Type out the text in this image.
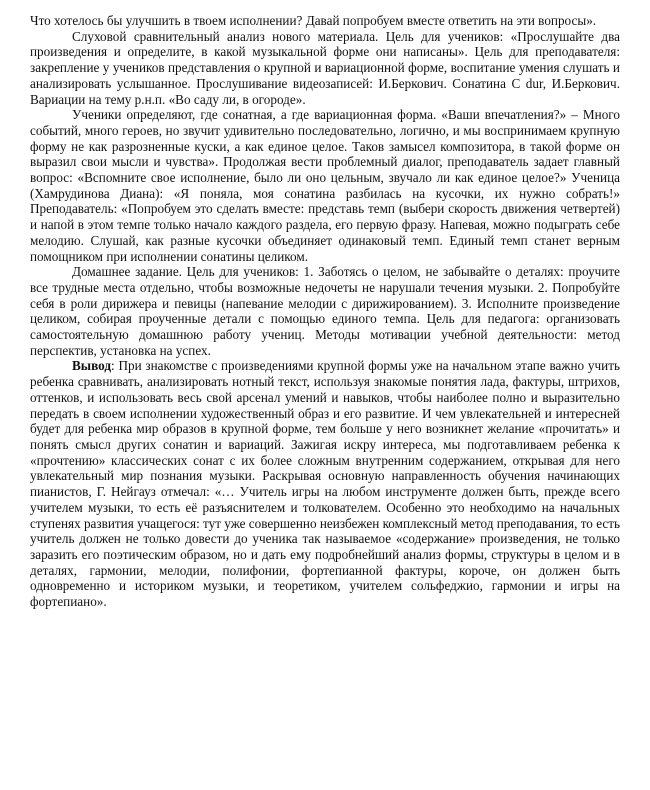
Что хотелось бы улучшить в твоем исполнении? Давай попробуем вместе ответить на эти вопросы».

Слуховой сравнительный анализ нового материала. Цель для учеников: «Прослушайте два произведения и определите, в какой музыкальной форме они написаны». Цель для преподавателя: закрепление у учеников представления о крупной и вариационной форме, воспитание умения слушать и анализировать услышанное. Прослушивание видеозаписей: И.Беркович. Сонатина C dur, И.Беркович. Вариации на тему р.н.п. «Во саду ли, в огороде».

Ученики определяют, где сонатная, а где вариационная форма. «Ваши впечатления?» – Много событий, много героев, но звучит удивительно последовательно, логично, и мы воспринимаем крупную форму не как разрозненные куски, а как единое целое. Таков замысел композитора, в такой форме он выразил свои мысли и чувства». Продолжая вести проблемный диалог, преподаватель задает главный вопрос: «Вспомните свое исполнение, было ли оно цельным, звучало ли как единое целое?» Ученица (Хамрудинова Диана): «Я поняла, моя сонатина разбилась на кусочки, их нужно собрать!» Преподаватель: «Попробуем это сделать вместе: представь темп (выбери скорость движения четвертей) и напой в этом темпе только начало каждого раздела, его первую фразу. Напевая, можно подыграть себе мелодию. Слушай, как разные кусочки объединяет одинаковый темп. Единый темп станет верным помощником при исполнении сонатины целиком.

Домашнее задание. Цель для учеников: 1. Заботясь о целом, не забывайте о деталях: проучите все трудные места отдельно, чтобы возможные недочеты не нарушали течения музыки. 2. Попробуйте себя в роли дирижера и певицы (напевание мелодии с дирижированием). 3. Исполните произведение целиком, собирая проученные детали с помощью единого темпа. Цель для педагога: организовать самостоятельную домашнюю работу учениц. Методы мотивации учебной деятельности: метод перспектив, установка на успех.

Вывод: При знакомстве с произведениями крупной формы уже на начальном этапе важно учить ребенка сравнивать, анализировать нотный текст, используя знакомые понятия лада, фактуры, штрихов, оттенков, и использовать весь свой арсенал умений и навыков, чтобы наиболее полно и выразительно передать в своем исполнении художественный образ и его развитие. И чем увлекательней и интересней будет для ребенка мир образов в крупной форме, тем больше у него возникнет желание «прочитать» и понять смысл других сонатин и вариаций. Зажигая искру интереса, мы подготавливаем ребенка к «прочтению» классических сонат с их более сложным внутренним содержанием, открывая для него увлекательный мир познания музыки. Раскрывая основную направленность обучения начинающих пианистов, Г. Нейгауз отмечал: «… Учитель игры на любом инструменте должен быть, прежде всего учителем музыки, то есть её разъяснителем и толкователем. Особенно это необходимо на начальных ступенях развития учащегося: тут уже совершенно неизбежен комплексный метод преподавания, то есть учитель должен не только довести до ученика так называемое «содержание» произведения, не только заразить его поэтическим образом, но и дать ему подробнейший анализ формы, структуры в целом и в деталях, гармонии, мелодии, полифонии, фортепианной фактуры, короче, он должен быть одновременно и историком музыки, и теоретиком, учителем сольфеджио, гармонии и игры на фортепиано».
